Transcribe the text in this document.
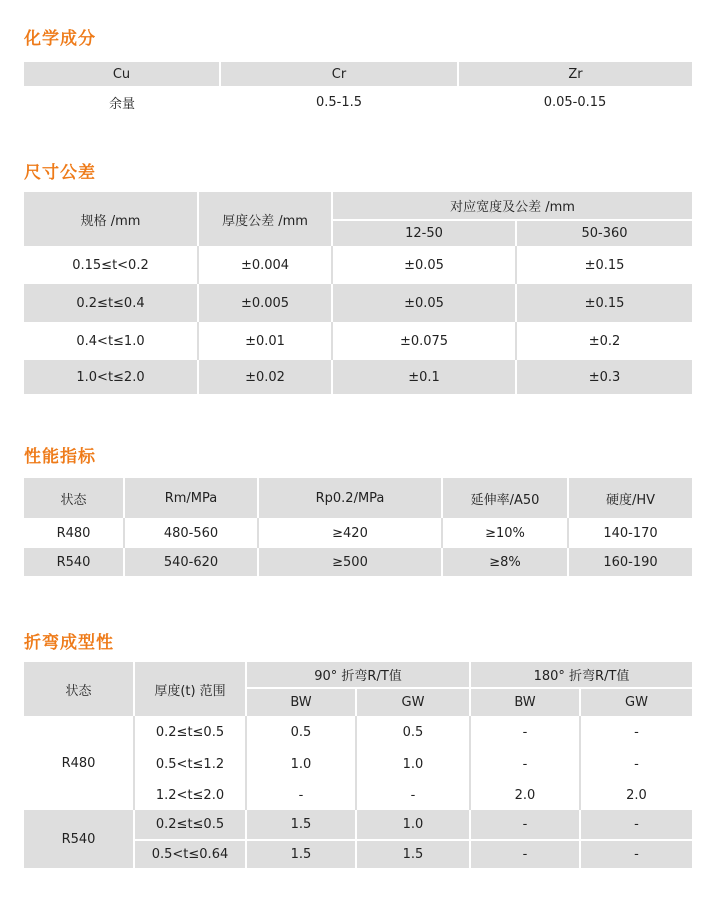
化学成分
Cu	Cr	Zr
余量	0.5-1.5	0.05-0.15
尺寸公差
规格 /mm	厚度公差 /mm	对应宽度及公差 /mm	
		12-50	50-360
0.15≤t<0.2	±0.004	±0.05	±0.15
0.2≤t≤0.4	±0.005	±0.05	±0.15
0.4<t≤1.0	±0.01	±0.075	±0.2
1.0<t≤2.0	±0.02	±0.1	±0.3
性能指标
状态	Rm/MPa	Rp0.2/MPa	延伸率/A50	硬度/HV
R480	480-560	≥420	≥10%	140-170
R540	540-620	≥500	≥8%	160-190
折弯成型性
状态	厚度(t) 范围	90° 折弯R/T值		180° 折弯R/T值	
		BW	GW	BW	GW
R480	0.2≤t≤0.5	0.5	0.5	-	-
	0.5<t≤1.2	1.0	1.0	-	-
	1.2<t≤2.0	-	-	2.0	2.0
R540	0.2≤t≤0.5	1.5	1.0	-	-
	0.5<t≤0.64	1.5	1.5	-	-
